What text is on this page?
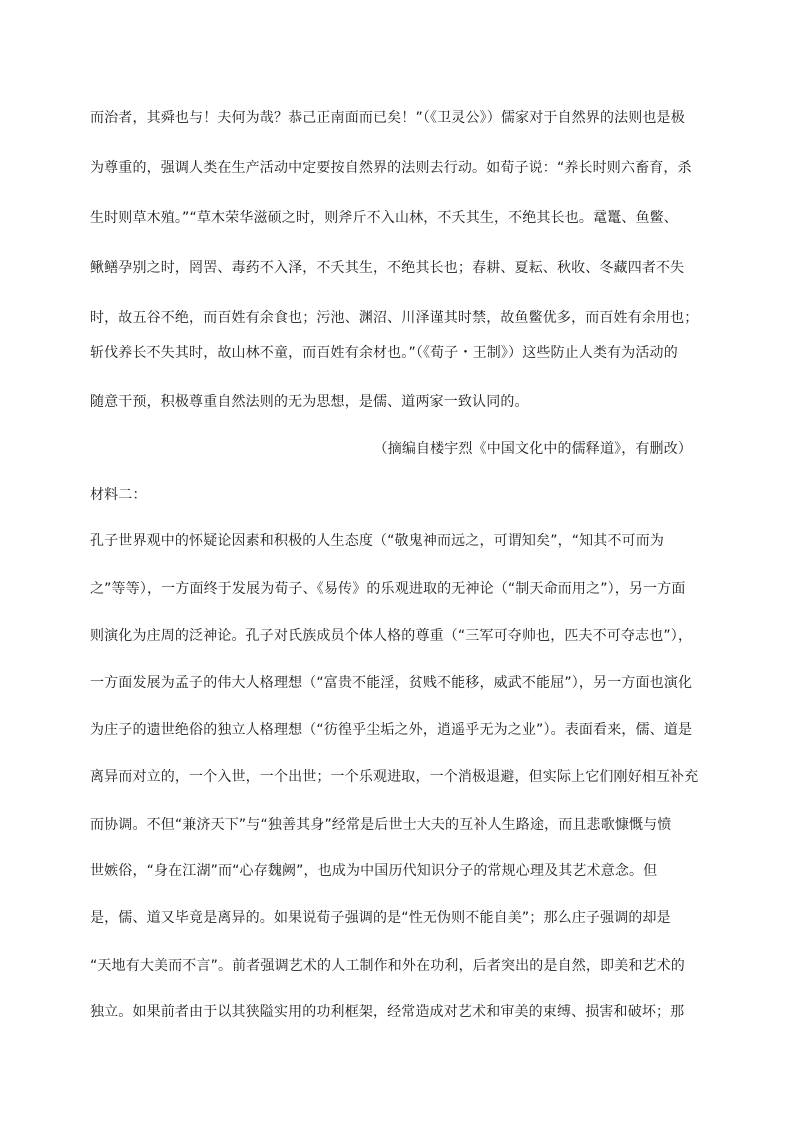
而治者，其舜也与！夫何为哉？恭己正南面而已矣！”（《卫灵公》）儒家对于自然界的法则也是极
为尊重的，强调人类在生产活动中定要按自然界的法则去行动。如荀子说：“养长时则六畜育，杀
生时则草木殖。”“草木荣华滋硕之时，则斧斤不入山林，不夭其生，不绝其长也。鼋鼍、鱼鳖、
鳅鳝孕别之时，罔罟、毒药不入泽，不夭其生，不绝其长也；春耕、夏耘、秋收、冬藏四者不失
时，故五谷不绝，而百姓有余食也；污池、渊沼、川泽谨其时禁，故鱼鳖优多，而百姓有余用也；
斩伐养长不失其时，故山林不童，而百姓有余材也。”（《荀子・王制》）这些防止人类有为活动的
随意干预，积极尊重自然法则的无为思想，是儒、道两家一致认同的。
（摘编自楼宇烈《中国文化中的儒释道》，有删改）
材料二：
孔子世界观中的怀疑论因素和积极的人生态度（“敬鬼神而远之，可谓知矣”，“知其不可而为
之”等等），一方面终于发展为荀子、《易传》的乐观进取的无神论（“制天命而用之”），另一方面
则演化为庄周的泛神论。孔子对氏族成员个体人格的尊重（“三军可夺帅也，匹夫不可夺志也”），
一方面发展为孟子的伟大人格理想（“富贵不能淫，贫贱不能移，威武不能屈”），另一方面也演化
为庄子的遗世绝俗的独立人格理想（“彷徨乎尘垢之外，逍遥乎无为之业”）。表面看来，儒、道是
离异而对立的，一个入世，一个出世；一个乐观进取，一个消极退避，但实际上它们刚好相互补充
而协调。不但“兼济天下”与“独善其身”经常是后世士大夫的互补人生路途，而且悲歌慷慨与愤
世嫉俗，“身在江湖”而“心存魏阙”，也成为中国历代知识分子的常规心理及其艺术意念。但
是，儒、道又毕竟是离异的。如果说荀子强调的是“性无伪则不能自美”；那么庄子强调的却是
“天地有大美而不言”。前者强调艺术的人工制作和外在功利，后者突出的是自然，即美和艺术的
独立。如果前者由于以其狭隘实用的功利框架，经常造成对艺术和审美的束缚、损害和破坏；那
